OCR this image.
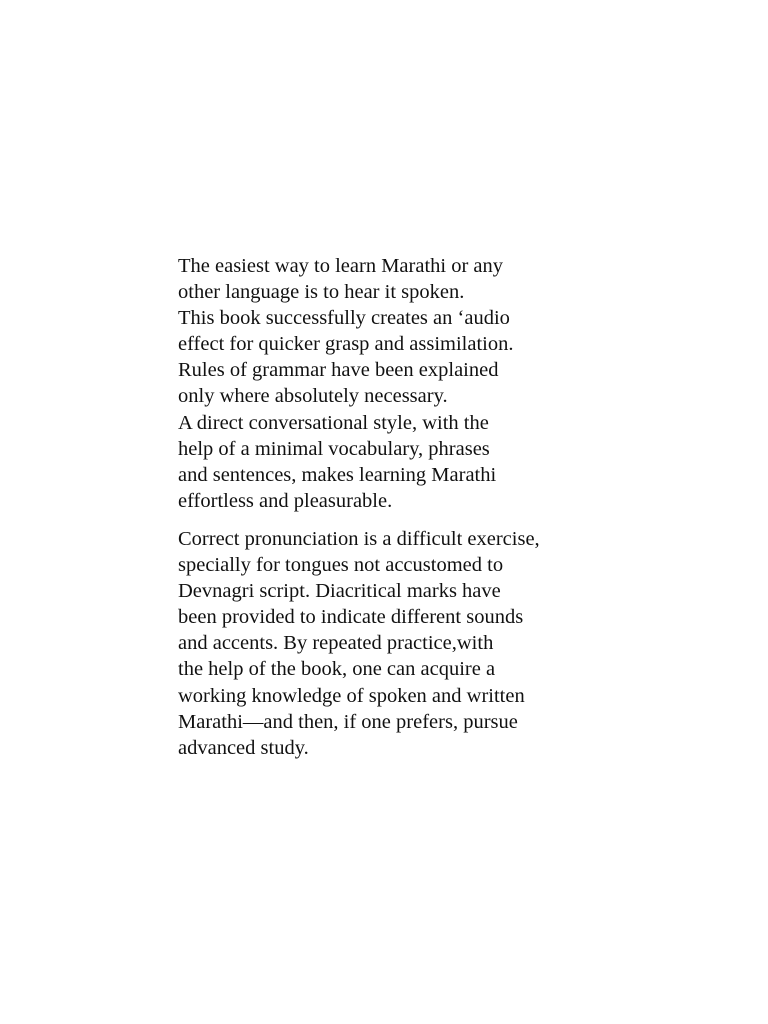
The easiest way to learn Marathi or any
other language is to hear it spoken.
This book successfully creates an ‘audio
effect for quicker grasp and assimilation.
Rules of grammar have been explained
only where absolutely necessary.
A direct conversational style, with the
help of a minimal vocabulary, phrases
and sentences, makes learning Marathi
effortless and pleasurable.

Correct pronunciation is a difficult exercise,
specially for tongues not accustomed to
Devnagri script. Diacritical marks have
been provided to indicate different sounds
and accents. By repeated practice,with
the help of the book, one can acquire a
working knowledge of spoken and written
Marathi—and then, if one prefers, pursue
advanced study.
